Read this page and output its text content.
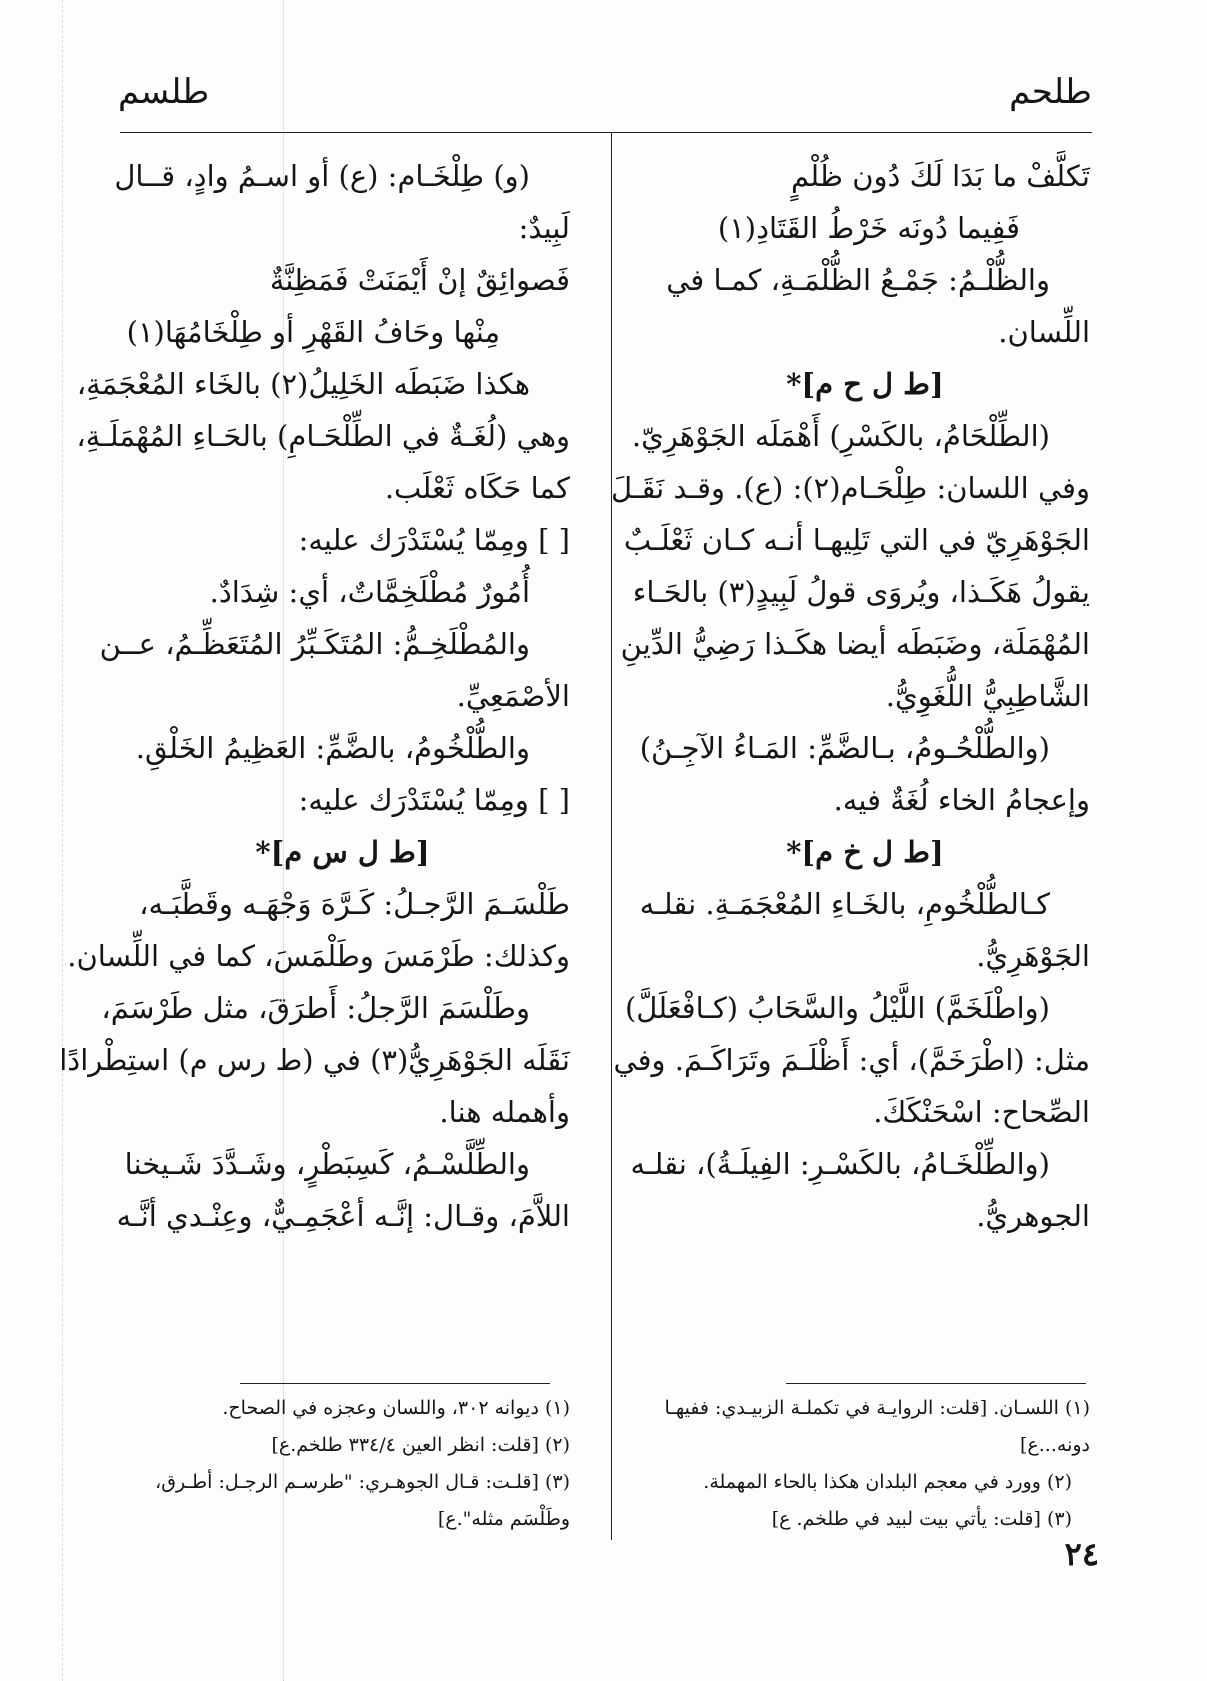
طلحم
طلسم
تَكلَّفْ ما بَدَا لَكَ دُون ظُلْمٍ
فَفِيما دُونَه خَرْطُ القَتَادِ(١)
والظُّلْـمُ: جَمْـعُ الظُّلْمَـةِ، كمـا في
اللِّسان.
[ط ل ح م]*
(الطِّلْحَامُ، بالكَسْرِ) أَهْمَلَه الجَوْهَرِيّ.
وفي اللسان: طِلْحَـام(٢): (ع). وقـد نَقَـلَ
الجَوْهَرِيّ في التي تَلِيهـا أنـه كـان ثَعْلَـبٌ
يقولُ هَكَـذا، ويُروَى قولُ لَبِيدٍ(٣) بالحَـاء
المُهْمَلَة، وضَبَطَه أيضا هكَـذا رَضِيُّ الدِّينِ
الشَّاطِبِيُّ اللُّغَوِيُّ.
(والطُّلْحُـومُ، بـالضَّمِّ: المَـاءُ الآجِـنُ)
وإعجامُ الخاء لُغَةٌ فيه.
[ط ل خ م]*
كـالطُّلْخُومِ، بالخَـاءِ المُعْجَمَـةِ. نقلـه
الجَوْهَرِيُّ.
(واطْلَخَمَّ) اللَّيْلُ والسَّحَابُ (كـافْعَلَلَّ)
مثل: (اطْرَخَمَّ)، أي: أَظْلَـمَ وتَرَاكَـمَ. وفي
الصِّحاح: اسْحَنْكَكَ.
(والطِّلْخَـامُ، بالكَسْـرِ: الفِيلَـةُ)، نقلـه
الجوهريُّ.
(و) طِلْخَـام: (ع) أو اسـمُ وادٍ، قــال
لَبِيدٌ:
فَصوائِقٌ إنْ أَيْمَنَتْ فَمَظِنَّةٌ
مِنْها وحَافُ القَهْرِ أو طِلْخَامُهَا(١)
هكذا ضَبَطَه الخَلِيلُ(٢) بالخَاء المُعْجَمَةِ،
وهي (لُغَـةٌ في الطِّلْحَـامِ) بالحَـاءِ المُهْمَلَـةِ،
كما حَكَاه ثَعْلَب.
[ ] ومِمّا يُسْتَدْرَك عليه:
أُمُورٌ مُطْلَخِمَّاتٌ، أي: شِدَادٌ.
والمُطْلَخِـمُّ: المُتَكَـبِّرُ المُتَعَظِّـمُ، عــن
الأصْمَعِيِّ.
والطُّلْخُومُ، بالضَّمِّ: العَظِيمُ الخَلْقِ.
[ ] ومِمّا يُسْتَدْرَك عليه:
[ط ل س م]*
طَلْسَـمَ الرَّجـلُ: كَـرَّهَ وَجْهَـه وقَطَّبَـه،
وكذلك: طَرْمَسَ وطَلْمَسَ، كما في اللِّسان.
وطَلْسَمَ الرَّجلُ: أَطرَقَ، مثل طَرْسَمَ،
نَقَلَه الجَوْهَرِيُّ(٣) في (ط رس م) استِطْرادًا
وأهمله هنا.
والطِّلَّسْـمُ، كَسِبَطْرٍ، وشَـدَّدَ شَـيخنا
اللاَّمَ، وقـال: إنَّـه أعْجَمِـيٌّ، وعِنْـدي أنَّـه
(١) اللسـان. [قلت: الروايـة في تكملـة الزبيـدي: ففيهـا
دونه...ع]
(٢) وورد في معجم البلدان هكذا بالحاء المهملة.
(٣) [قلت: يأتي بيت لبيد في طلخم. ع]
(١) ديوانه ٣٠٢، واللسان وعجزه في الصحاح.
(٢) [قلت: انظر العين ٣٣٤/٤ طلخم.ع]
(٣) [قلـت: قـال الجوهـري: "طرسـم الرجـل: أطـرق،
وطَلْسَم مثله".ع]
٢٤
